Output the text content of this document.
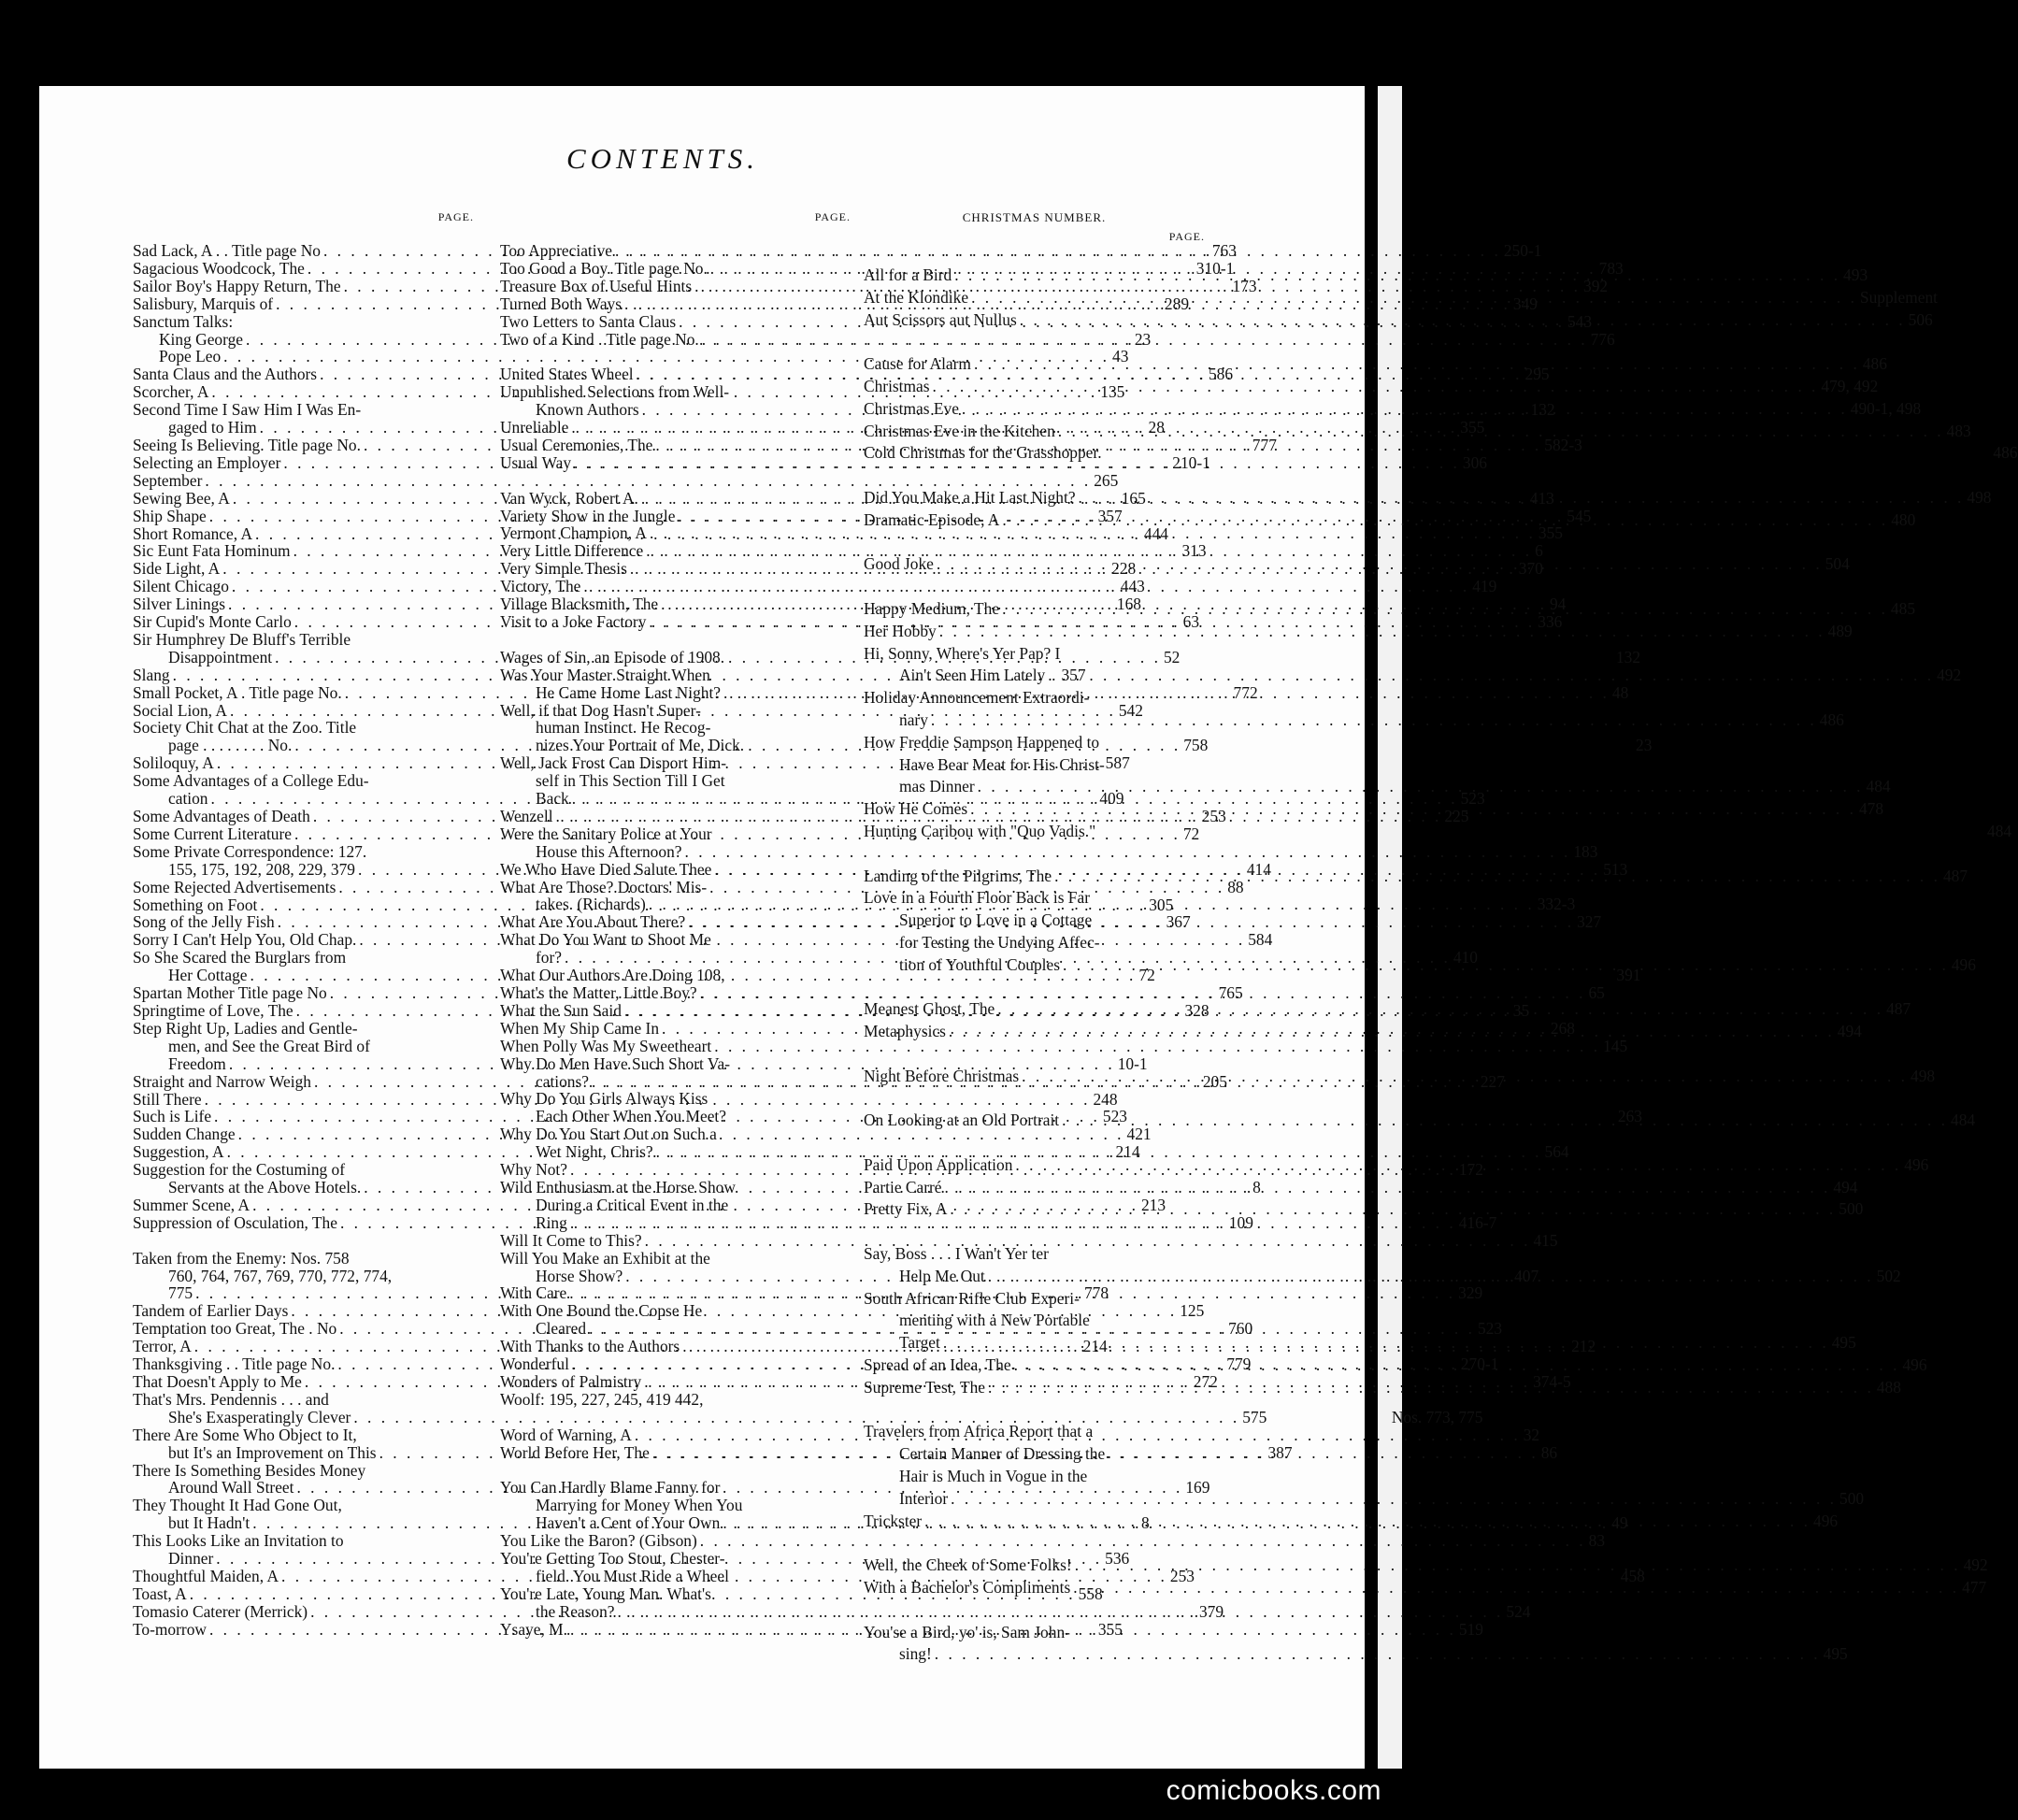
CONTENTS.
PAGE.
Sad Lack, A . . Title page No . . .	763
Sagacious Woodcock, The . . .	310-1
Sailor Boy's Happy Return, The . . .	173
Salisbury, Marquis of . . .	289
Sanctum Talks:
King George . . .	23
Pope Leo . . .	43
Santa Claus and the Authors . . .	586
Scorcher, A . . .	135
Second Time I Saw Him I Was En-
gaged to Him . . .	28
Seeing Is Believing. Title page No. . . .	777
Selecting an Employer . . .	210-1
September . . .	265
Sewing Bee, A . . .	165
Ship Shape . . .	357
Short Romance, A . . .	444
Sic Eunt Fata Hominum . . .	313
Side Light, A . . .	228
Silent Chicago . . .	443
Silver Linings . . .	168
Sir Cupid's Monte Carlo . . .	63
Sir Humphrey De Bluff's Terrible
Disappointment . . .	52
Slang . . .	357
Small Pocket, A . Title page No. . . .	772
Social Lion, A . . .	542
Society Chit Chat at the Zoo. Title
page . . . . . . . . No. . . .	758
Soliloquy, A . . .	587
Some Advantages of a College Edu-
cation . . .	409
Some Advantages of Death . . .	253
Some Current Literature . . .	72
Some Private Correspondence: 127.
155, 175, 192, 208, 229, 379 . . .	414
Some Rejected Advertisements . . .	88
Something on Foot . . .	305
Song of the Jelly Fish . . .	367
Sorry I Can't Help You, Old Chap. . . .	584
So She Scared the Burglars from
Her Cottage . . .	72
Spartan Mother Title page No . . .	765
Springtime of Love, The . . .	328
Step Right Up, Ladies and Gentle-
men, and See the Great Bird of
Freedom . . .	10-1
Straight and Narrow Weigh . . .	205
Still There . . .	248
Such is Life . . .	523
Sudden Change . . .	421
Suggestion, A . . .	214
Suggestion for the Costuming of
Servants at the Above Hotels. . . .	8
Summer Scene, A . . .	213
Suppression of Osculation, The . . .	109
Taken from the Enemy: Nos. 758
760, 764, 767, 769, 770, 772, 774,
775 . . .	778
Tandem of Earlier Days . . .	125
Temptation too Great, The . No . . .	760
Terror, A . . .	214
Thanksgiving . . Title page No. . . .	779
That Doesn't Apply to Me . . .	272
That's Mrs. Pendennis . . . and
She's Exasperatingly Clever . . .	575
There Are Some Who Object to It,
but It's an Improvement on This . . .	387
There Is Something Besides Money
Around Wall Street . . .	169
They Thought It Had Gone Out,
but It Hadn't . . .	8
This Looks Like an Invitation to
Dinner . . .	536
Thoughtful Maiden, A . . .	253
Toast, A . . .	558
Tomasio Caterer (Merrick) . . .	379
To-morrow . . .	355
PAGE.
Too Appreciative . . .	250-1
Too Good a Boy. Title page No. . . .	783
Treasure Box of Useful Hints . . .	392
Turned Both Ways . . .	349
Two Letters to Santa Claus . . .	543
Two of a Kind . Title page No. . . .	776
United States Wheel . . .	295
Unpublished Selections from Well-
Known Authors . . .	132
Unreliable . . .	355
Usual Ceremonies, The . . .	582-3
Usual Way . . .	306
Van Wyck, Robert A. . . .	413
Variety Show in the Jungle . . .	545
Vermont Champion, A . . .	355
Very Little Difference . . .	6
Very Simple Thesis . . .	370
Victory, The . . .	419
Village Blacksmith, The . . .	94
Visit to a Joke Factory . . .	336
Wages of Sin, an Episode of 1908.	132
Was Your Master Straight When
He Came Home Last Night? . . .	48
Well, if that Dog Hasn't Super-
human Instinct. He Recog-
nizes Your Portrait of Me, Dick.	23
Well, Jack Frost Can Disport Him-
self in This Section Till I Get
Back . . .	523
Wenzell . . .	225
Were the Sanitary Police at Your
House this Afternoon? . . .	183
We Who Have Died Salute Thee . . .	513
What Are Those? Doctors' Mis-
takes. (Richards) . . .	332-3
What Are You About There? . . .	327
What Do You Want to Shoot Me
for? . . .	410
What Our Authors Are Doing 108,	391
What's the Matter, Little Boy? . . .	65
What the Sun Said . . .	35
When My Ship Came In . . .	268
When Polly Was My Sweetheart . . .	145
Why Do Men Have Such Short Va-
cations? . . .	227
Why Do You Girls Always Kiss
Each Other When You Meet?	263
Why Do You Start Out on Such a
Wet Night, Chris? . . .	564
Why Not? . . .	172
Wild Enthusiasm at the Horse Show
During a Critical Event in the
Ring . . .	416-7
Will It Come to This? . . .	415
Will You Make an Exhibit at the
Horse Show? . . .	407
With Care . . .	329
With One Bound the Copse He
Cleared . . .	523
With Thanks to the Authors . . .	212
Wonderful . . .	270-1
Wonders of Palmistry . . .	374-5
Woolf: 195, 227, 245, 419 442,
Nos. 773, 775
Word of Warning, A . . .	32
World Before Her, The . . .	86
You Can Hardly Blame Fanny for
Marrying for Money When You
Haven't a Cent of Your Own . . .	49
You Like the Baron? (Gibson) . . .	83
You're Getting Too Stout, Chester-
field. You Must Ride a Wheel	458
You're Late, Young Man. What's
the Reason? . . .	524
Ysaye, M. . . .	519
CHRISTMAS NUMBER.
PAGE.
All for a Bird . . .	493
At the Klondike . . .	Supplement
Aut Scissors aut Nullus . . .	506
Cause for Alarm . . .	486
Christmas . . .	479, 492
Christmas Eve . . .	490-1, 498
Christmas Eve in the Kitchen . . .	483
Cold Christmas for the Grasshopper.	486
Did You Make a Hit Last Night? . . .	498
Dramatic Episode, A . . .	480
Good Joke . . .	504
Happy Medium, The . . .	485
Her Hobby . . .	489
Hi, Sonny, Where's Yer Pap? I
Ain't Seen Him Lately . . .	492
Holiday Announcement Extraordi-
nary . . .	486
How Freddie Sampson Happened to
Have Bear Meat for His Christ-
mas Dinner . . .	484
How He Comes . . .	478
Hunting Caribou with "Quo Vadis."	484
Landing of the Pilgrims, The . . .	487
Love in a Fourth Floor Back is Far
Superior to Love in a Cottage
for Testing the Undying Affec-
tion of Youthful Couples . . .	496
Meanest Ghost, The . . .	487
Metaphysics . . .	494
Night Before Christmas . . .	498
On Looking at an Old Portrait . . .	484
Paid Upon Application . . .	496
Partie Carré . . .	494
Pretty Fix, A . . .	500
Say, Boss . . . I Wan't Yer ter
Help Me Out . . .	502
South African Rifle Club Experi-
menting with a New Portable
Target . . .	495
Spread of an Idea, The . . .	496
Supreme Test, The . . .	488
Travelers from Africa Report that a
Certain Manner of Dressing the
Hair is Much in Vogue in the
Interior . . .	500
Trickster . . .	496
Well, the Cheek of Some Folks! . . .	492
With a Bachelor's Compliments . . .	477
You'se a Bird, yo' is, Sam John-
sing! . . .	495
comicbooks.com
